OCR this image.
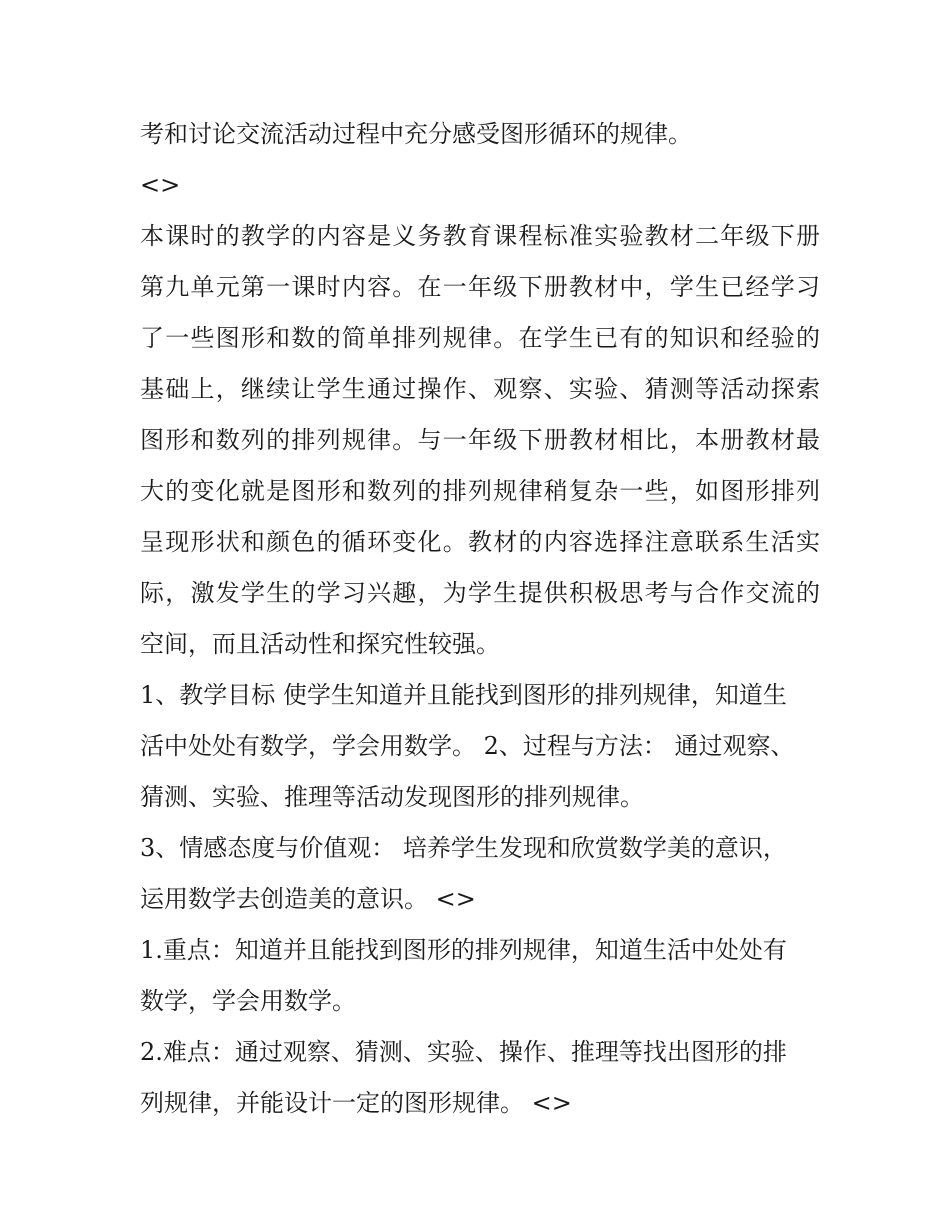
考和讨论交流活动过程中充分感受图形循环的规律。
<>
本课时的教学的内容是义务教育课程标准实验教材二年级下册
第九单元第一课时内容。在一年级下册教材中，学生已经学习
了一些图形和数的简单排列规律。在学生已有的知识和经验的
基础上，继续让学生通过操作、观察、实验、猜测等活动探索
图形和数列的排列规律。与一年级下册教材相比，本册教材最
大的变化就是图形和数列的排列规律稍复杂一些，如图形排列
呈现形状和颜色的循环变化。教材的内容选择注意联系生活实
际，激发学生的学习兴趣，为学生提供积极思考与合作交流的
空间，而且活动性和探究性较强。
1、教学目标 使学生知道并且能找到图形的排列规律，知道生
活中处处有数学，学会用数学。 2、过程与方法： 通过观察、
猜测、实验、推理等活动发现图形的排列规律。
3、情感态度与价值观： 培养学生发现和欣赏数学美的意识，
运用数学去创造美的意识。 <>
1.重点：知道并且能找到图形的排列规律，知道生活中处处有
数学，学会用数学。
2.难点：通过观察、猜测、实验、操作、推理等找出图形的排
列规律，并能设计一定的图形规律。 <>
